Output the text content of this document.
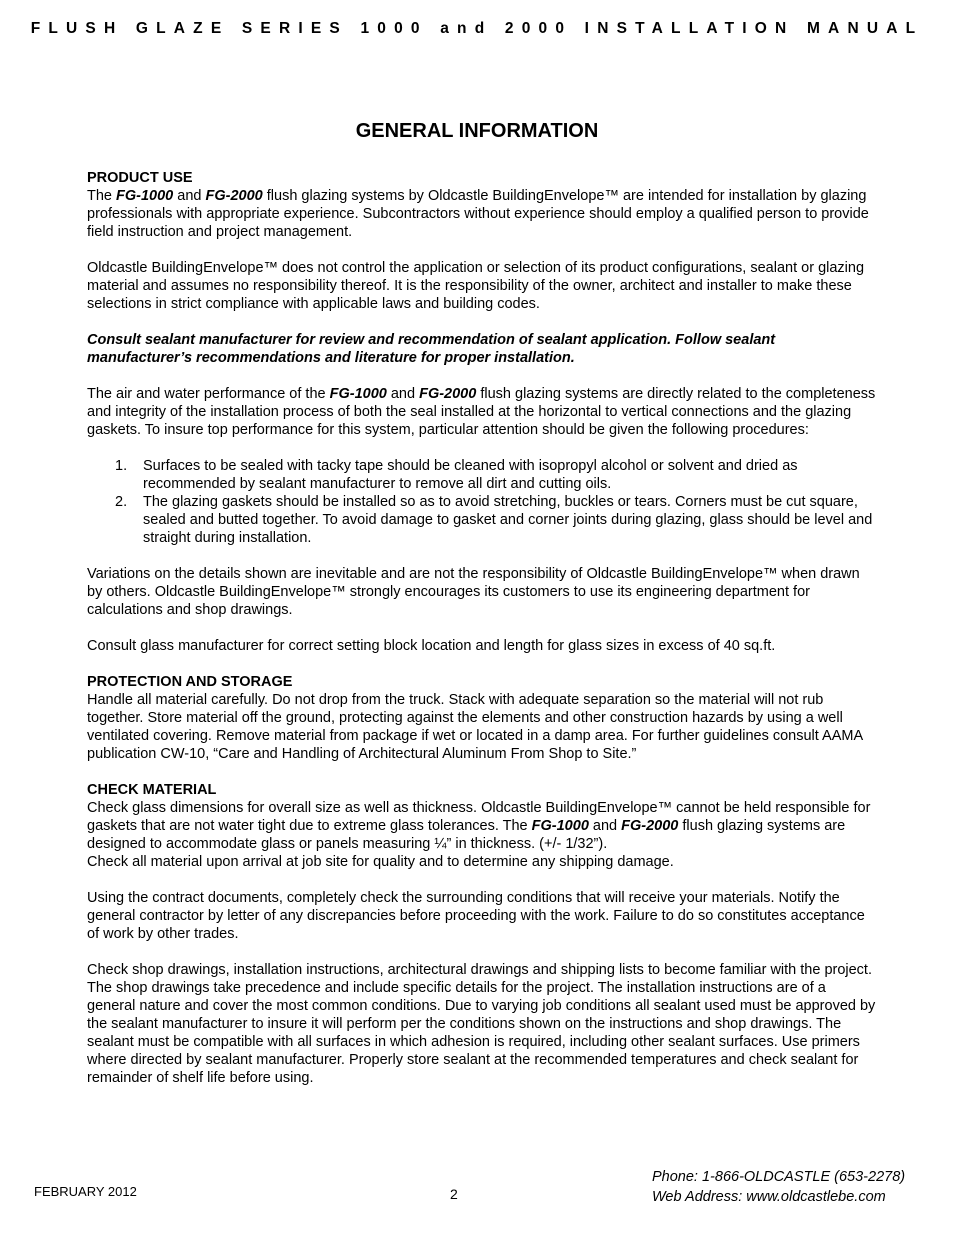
FLUSH GLAZE SERIES 1000 and 2000 INSTALLATION MANUAL
GENERAL INFORMATION

PRODUCT USE

The FG-1000 and FG-2000 flush glazing systems by Oldcastle BuildingEnvelope™ are intended for installation by glazing professionals with appropriate experience. Subcontractors without experience should employ a qualified person to provide field instruction and project management.

Oldcastle BuildingEnvelope™ does not control the application or selection of its product configurations, sealant or glazing material and assumes no responsibility thereof. It is the responsibility of the owner, architect and installer to make these selections in strict compliance with applicable laws and building codes.

Consult sealant manufacturer for review and recommendation of sealant application. Follow sealant manufacturer’s recommendations and literature for proper installation.

The air and water performance of the FG-1000 and FG-2000 flush glazing systems are directly related to the completeness and integrity of the installation process of both the seal installed at the horizontal to vertical connections and the glazing gaskets. To insure top performance for this system, particular attention should be given the following procedures:

1. Surfaces to be sealed with tacky tape should be cleaned with isopropyl alcohol or solvent and dried as recommended by sealant manufacturer to remove all dirt and cutting oils.
2. The glazing gaskets should be installed so as to avoid stretching, buckles or tears. Corners must be cut square, sealed and butted together. To avoid damage to gasket and corner joints during glazing, glass should be level and straight during installation.

Variations on the details shown are inevitable and are not the responsibility of Oldcastle BuildingEnvelope™ when drawn by others. Oldcastle BuildingEnvelope™ strongly encourages its customers to use its engineering department for calculations and shop drawings.

Consult glass manufacturer for correct setting block location and length for glass sizes in excess of 40 sq.ft.

PROTECTION AND STORAGE

Handle all material carefully. Do not drop from the truck. Stack with adequate separation so the material will not rub together. Store material off the ground, protecting against the elements and other construction hazards by using a well ventilated covering. Remove material from package if wet or located in a damp area. For further guidelines consult AAMA publication CW-10, “Care and Handling of Architectural Aluminum From Shop to Site.”

CHECK MATERIAL

Check glass dimensions for overall size as well as thickness. Oldcastle BuildingEnvelope™ cannot be held responsible for gaskets that are not water tight due to extreme glass tolerances. The FG-1000 and FG-2000 flush glazing systems are designed to accommodate glass or panels measuring ¼” in thickness. (+/- 1/32”).
Check all material upon arrival at job site for quality and to determine any shipping damage.

Using the contract documents, completely check the surrounding conditions that will receive your materials. Notify the general contractor by letter of any discrepancies before proceeding with the work. Failure to do so constitutes acceptance of work by other trades.

Check shop drawings, installation instructions, architectural drawings and shipping lists to become familiar with the project. The shop drawings take precedence and include specific details for the project. The installation instructions are of a general nature and cover the most common conditions. Due to varying job conditions all sealant used must be approved by the sealant manufacturer to insure it will perform per the conditions shown on the instructions and shop drawings. The sealant must be compatible with all surfaces in which adhesion is required, including other sealant surfaces. Use primers where directed by sealant manufacturer. Properly store sealant at the recommended temperatures and check sealant for remainder of shelf life before using.

FEBRUARY 2012	2
Phone: 1-866-OLDCASTLE (653-2278)
Web Address: www.oldcastlebe.com
